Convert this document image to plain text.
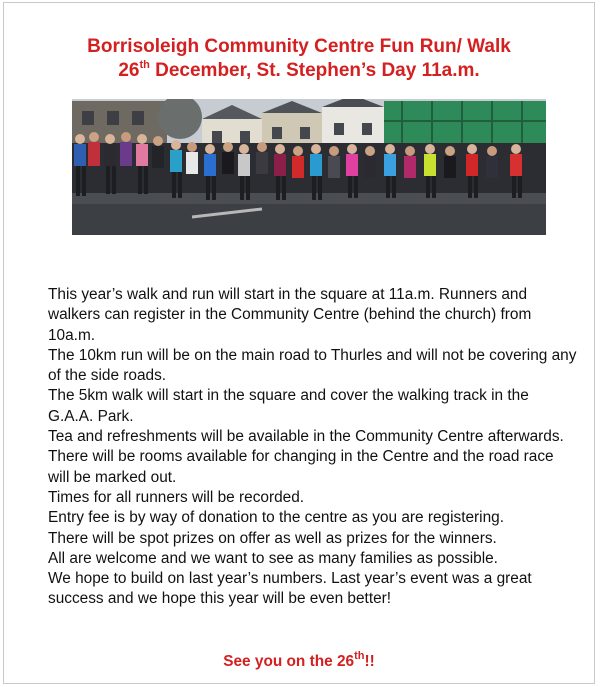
Borrisoleigh Community Centre Fun Run/ Walk
26th December, St. Stephen’s Day 11a.m.

This year’s walk and run will start in the square at 11a.m. Runners and walkers can register in the Community Centre (behind the church) from 10a.m.

The 10km run will be on the main road to Thurles and will not be covering any of the side roads.

The 5km walk will start in the square and cover the walking track in the G.A.A. Park.

Tea and refreshments will be available in the Community Centre afterwards.

There will be rooms available for changing in the Centre and the road race will be marked out.

Times for all runners will be recorded.

Entry fee is by way of donation to the centre as you are registering.

There will be spot prizes on offer as well as prizes for the winners.

All are welcome and we want to see as many families as possible.

We hope to build on last year’s numbers. Last year’s event was a great success and we hope this year will be even better!

See you on the 26th!!
